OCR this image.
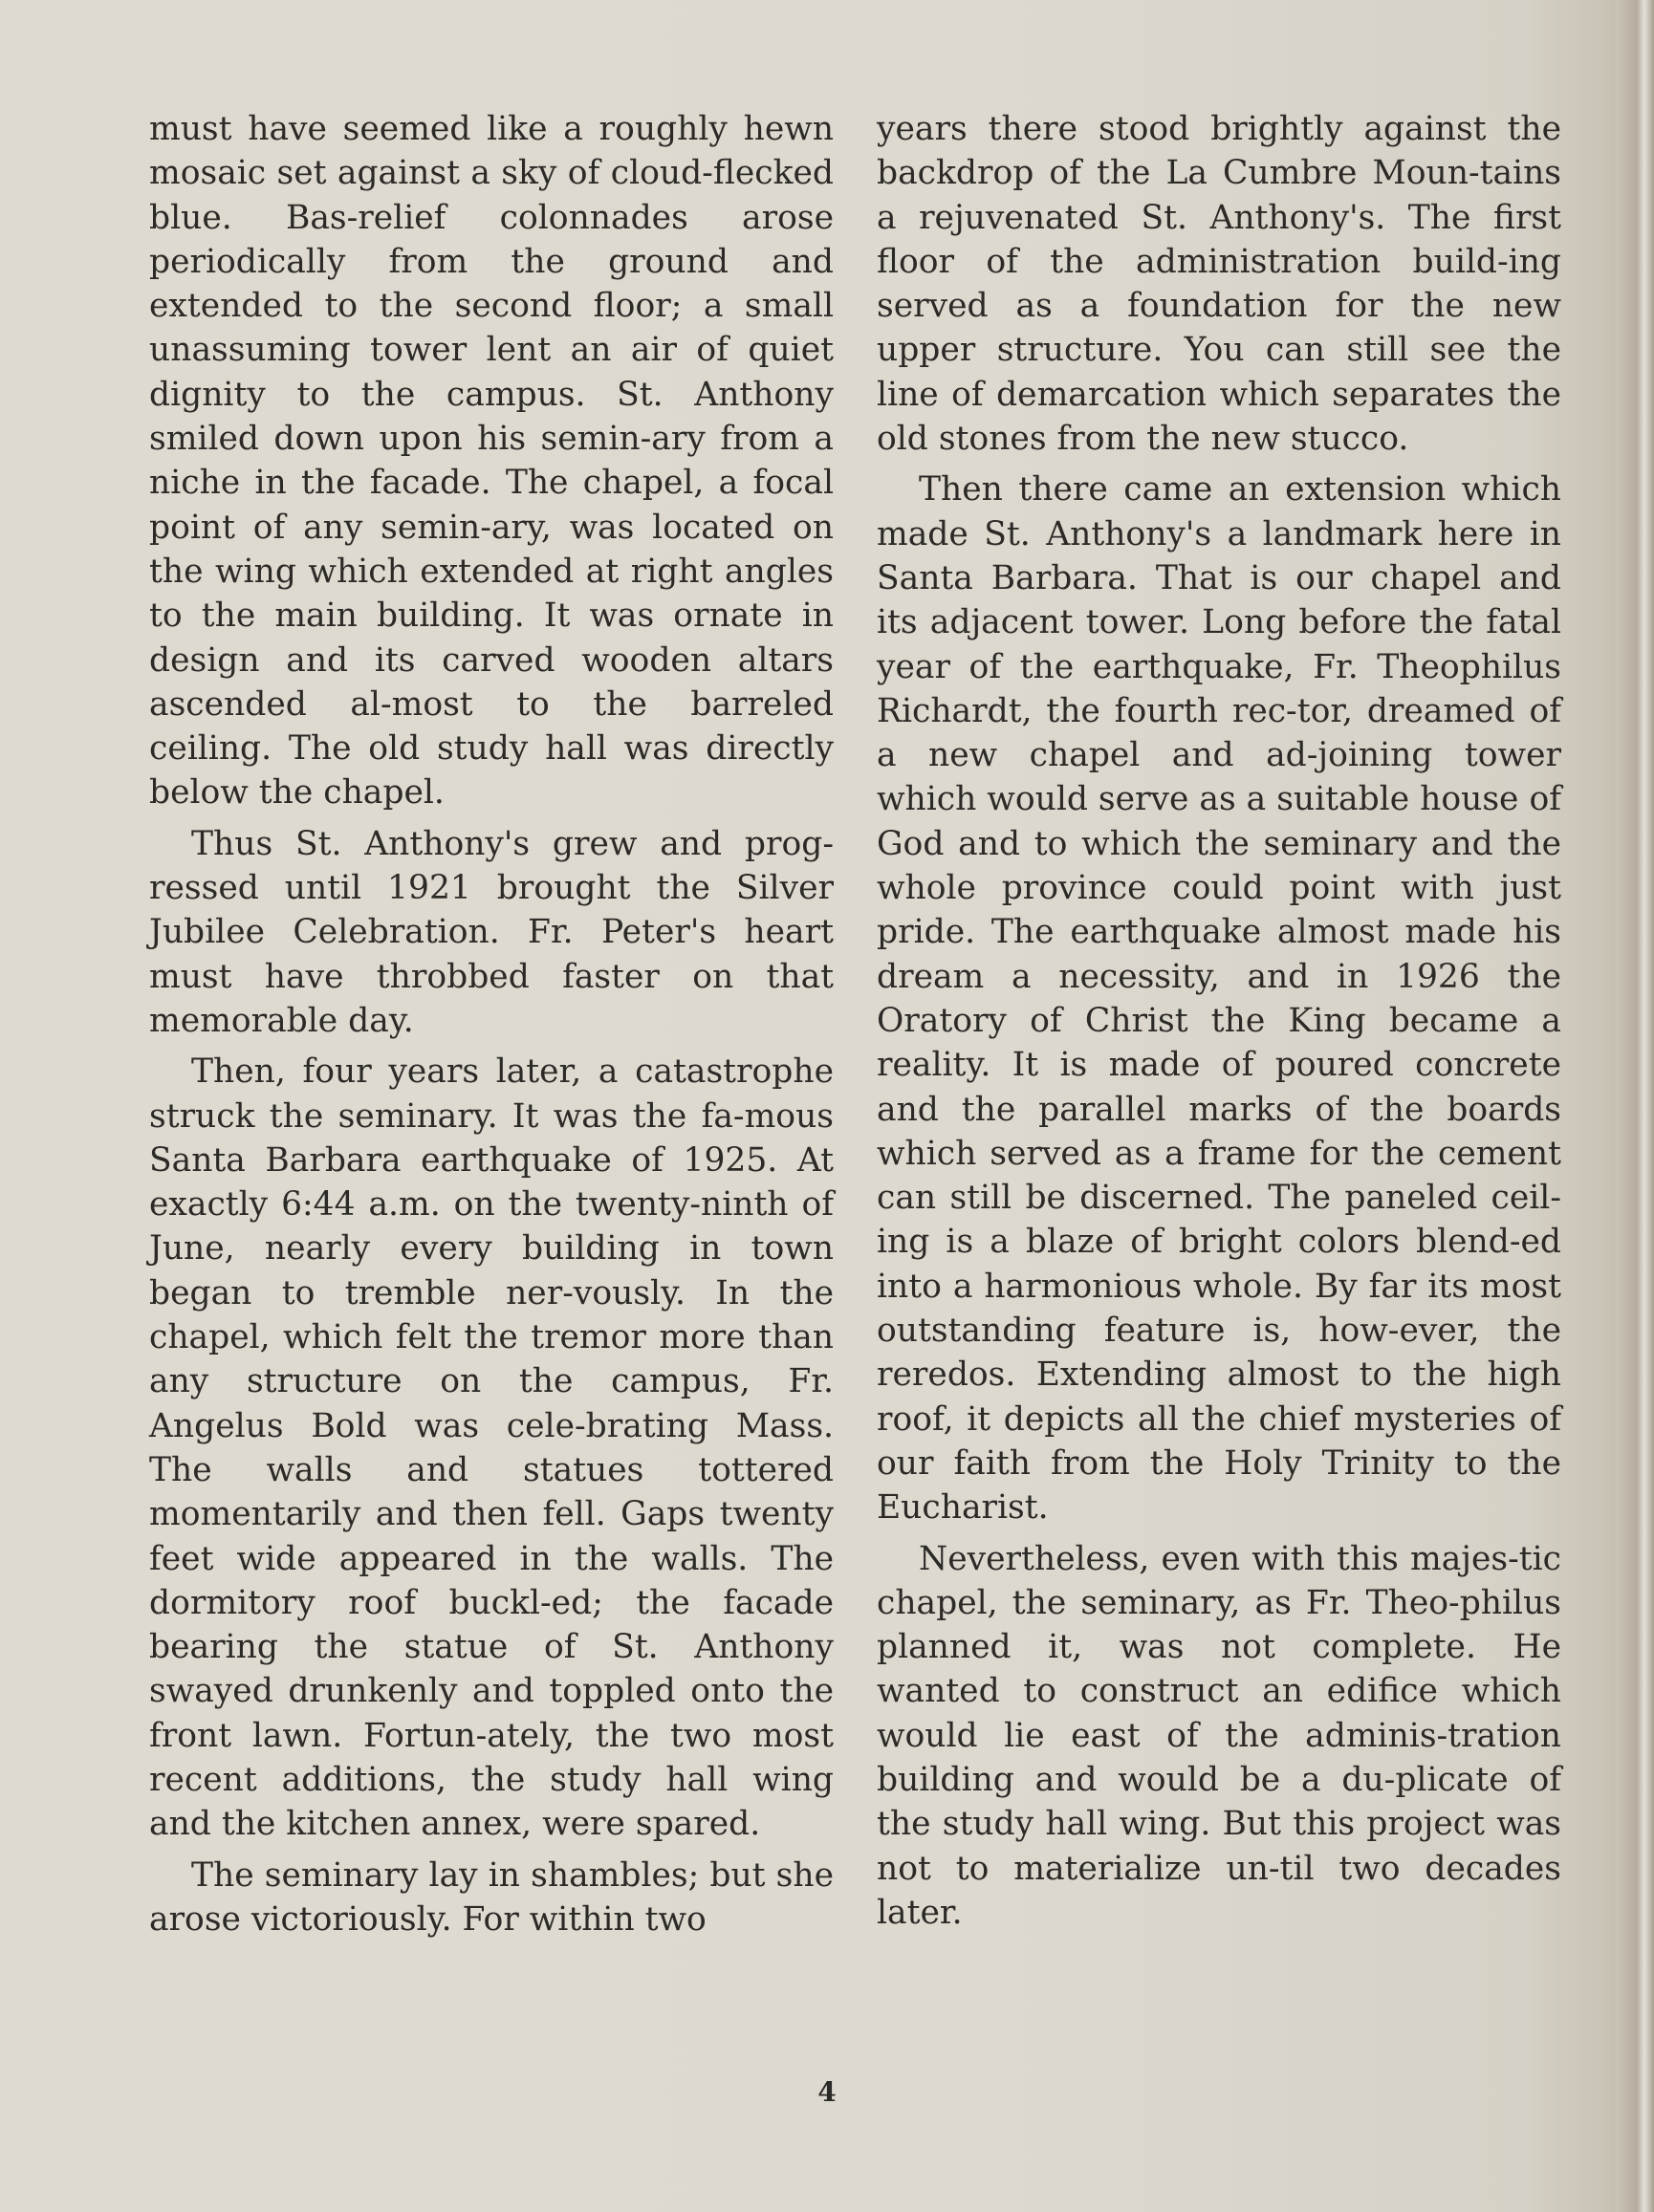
must have seemed like a roughly hewn mosaic set against a sky of cloud-flecked blue. Bas-relief colonnades arose periodically from the ground and extended to the second floor; a small unassuming tower lent an air of quiet dignity to the campus. St. Anthony smiled down upon his semin-ary from a niche in the facade. The chapel, a focal point of any semin-ary, was located on the wing which extended at right angles to the main building. It was ornate in design and its carved wooden altars ascended al-most to the barreled ceiling. The old study hall was directly below the chapel.

Thus St. Anthony's grew and prog-ressed until 1921 brought the Silver Jubilee Celebration. Fr. Peter's heart must have throbbed faster on that memorable day.

Then, four years later, a catastrophe struck the seminary. It was the fa-mous Santa Barbara earthquake of 1925. At exactly 6:44 a.m. on the twenty-ninth of June, nearly every building in town began to tremble ner-vously. In the chapel, which felt the tremor more than any structure on the campus, Fr. Angelus Bold was cele-brating Mass. The walls and statues tottered momentarily and then fell. Gaps twenty feet wide appeared in the walls. The dormitory roof buckl-ed; the facade bearing the statue of St. Anthony swayed drunkenly and toppled onto the front lawn. Fortun-ately, the two most recent additions, the study hall wing and the kitchen annex, were spared.

The seminary lay in shambles; but she arose victoriously. For within two

years there stood brightly against the backdrop of the La Cumbre Moun-tains a rejuvenated St. Anthony's. The first floor of the administration build-ing served as a foundation for the new upper structure. You can still see the line of demarcation which separates the old stones from the new stucco.

Then there came an extension which made St. Anthony's a landmark here in Santa Barbara. That is our chapel and its adjacent tower. Long before the fatal year of the earthquake, Fr. Theophilus Richardt, the fourth rec-tor, dreamed of a new chapel and ad-joining tower which would serve as a suitable house of God and to which the seminary and the whole province could point with just pride. The earthquake almost made his dream a necessity, and in 1926 the Oratory of Christ the King became a reality. It is made of poured concrete and the parallel marks of the boards which served as a frame for the cement can still be discerned. The paneled ceil-ing is a blaze of bright colors blend-ed into a harmonious whole. By far its most outstanding feature is, how-ever, the reredos. Extending almost to the high roof, it depicts all the chief mysteries of our faith from the Holy Trinity to the Eucharist.

Nevertheless, even with this majes-tic chapel, the seminary, as Fr. Theo-philus planned it, was not complete. He wanted to construct an edifice which would lie east of the adminis-tration building and would be a du-plicate of the study hall wing. But this project was not to materialize un-til two decades later.

4
